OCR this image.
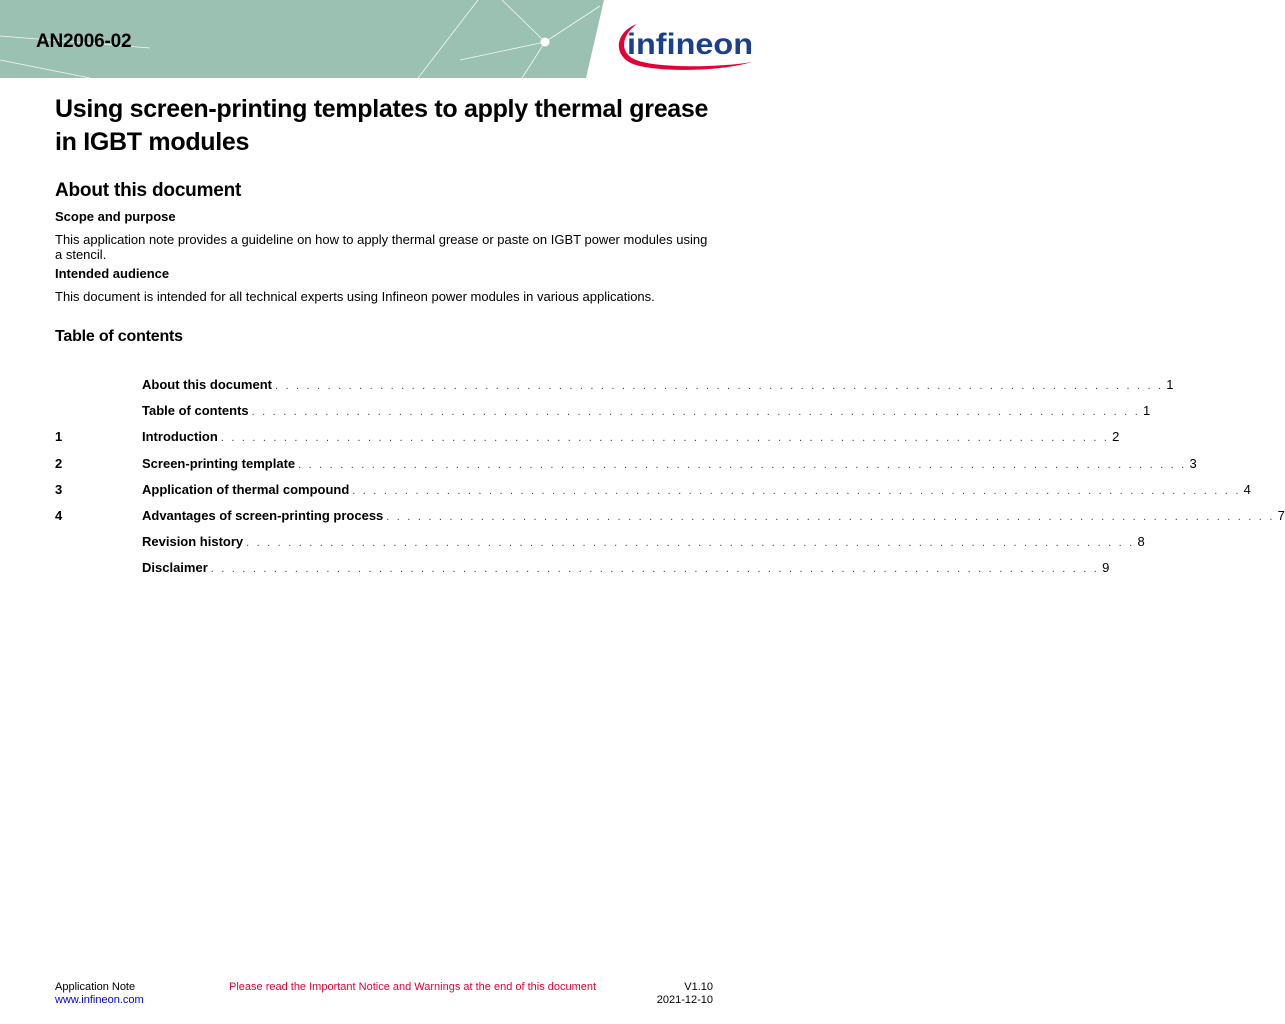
AN2006-02	infineon
Using screen-printing templates to apply thermal grease in IGBT modules
About this document
Scope and purpose

This application note provides a guideline on how to apply thermal grease or paste on IGBT power modules using a stencil.

Intended audience

This document is intended for all technical experts using Infineon power modules in various applications.

Table of contents
About this document . . . . . . . . . . . . . . . . . . . . . . . . . . . . . . . . . . . . . . . . . . . . . . . . . . . . . . . . . . . . . . . . . . . . . . . . . . . . . . . . . . . . . 1
Table of contents . . . . . . . . . . . . . . . . . . . . . . . . . . . . . . . . . . . . . . . . . . . . . . . . . . . . . . . . . . . . . . . . . . . . . . . . . . . . . . . . . . . . . 1
1	Introduction . . . . . . . . . . . . . . . . . . . . . . . . . . . . . . . . . . . . . . . . . . . . . . . . . . . . . . . . . . . . . . . . . . . . . . . . . . . . . . . . . . . . . 2
2	Screen-printing template . . . . . . . . . . . . . . . . . . . . . . . . . . . . . . . . . . . . . . . . . . . . . . . . . . . . . . . . . . . . . . . . . . . . . . . . . . . . . . . . . . . . . 3
3	Application of thermal compound . . . . . . . . . . . . . . . . . . . . . . . . . . . . . . . . . . . . . . . . . . . . . . . . . . . . . . . . . . . . . . . . . . . . . . . . . . . . . . . . . . . . . 4
4	Advantages of screen-printing process . . . . . . . . . . . . . . . . . . . . . . . . . . . . . . . . . . . . . . . . . . . . . . . . . . . . . . . . . . . . . . . . . . . . . . . . . . . . . . . . . . . . . 7
Revision history . . . . . . . . . . . . . . . . . . . . . . . . . . . . . . . . . . . . . . . . . . . . . . . . . . . . . . . . . . . . . . . . . . . . . . . . . . . . . . . . . . . . . 8
Disclaimer . . . . . . . . . . . . . . . . . . . . . . . . . . . . . . . . . . . . . . . . . . . . . . . . . . . . . . . . . . . . . . . . . . . . . . . . . . . . . . . . . . . . . 9
Application Note
www.infineon.com
Please read the Important Notice and Warnings at the end of this document	V1.10
2021-12-10
